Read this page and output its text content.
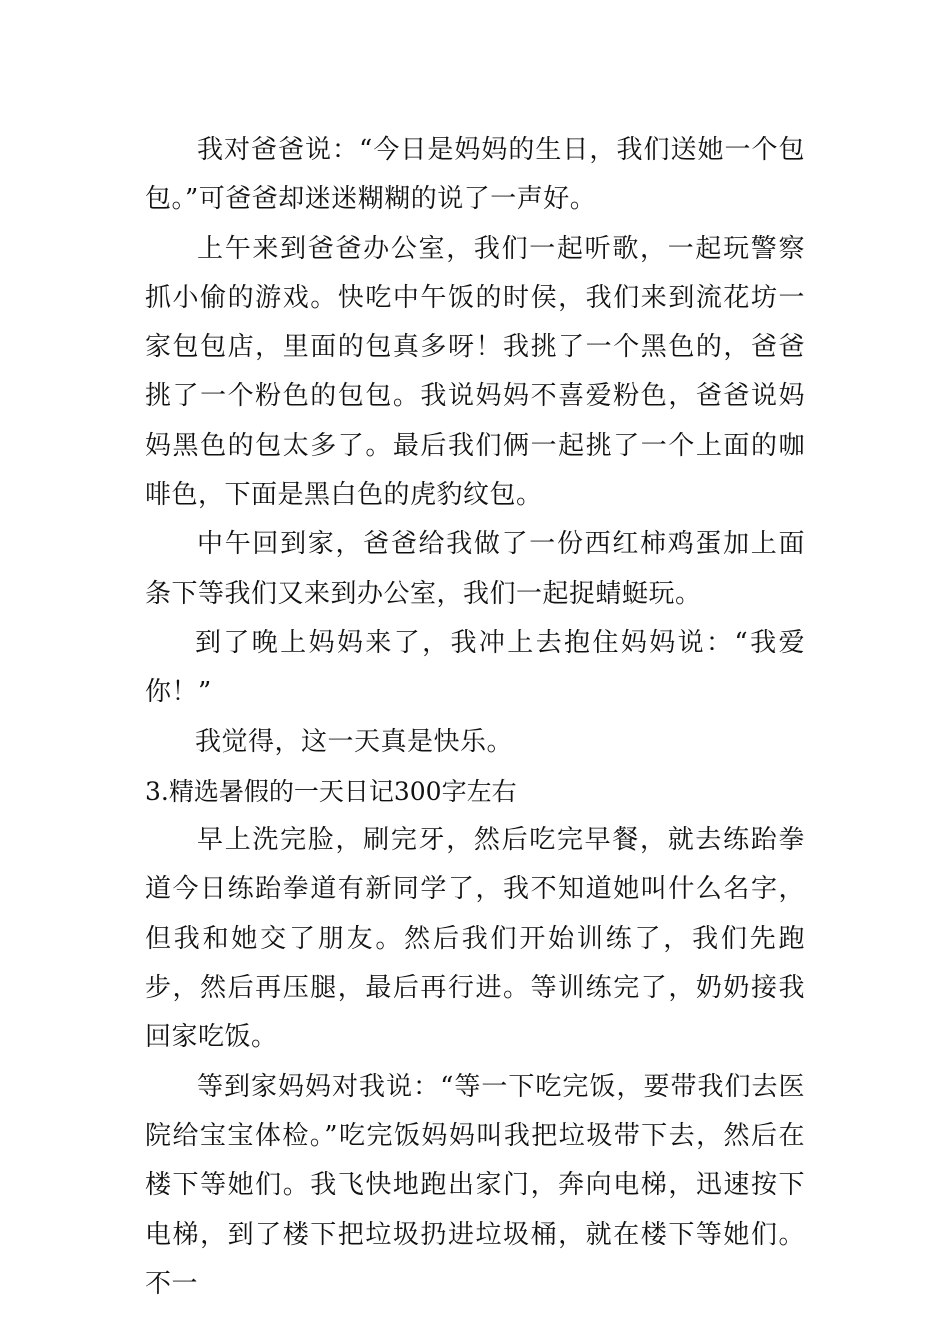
我对爸爸说：“今日是妈妈的生日，我们送她一个包包。”可爸爸却迷迷糊糊的说了一声好。

上午来到爸爸办公室，我们一起听歌，一起玩警察抓小偷的游戏。快吃中午饭的时侯，我们来到流花坊一家包包店，里面的包真多呀！我挑了一个黑色的，爸爸挑了一个粉色的包包。我说妈妈不喜爱粉色，爸爸说妈妈黑色的包太多了。最后我们俩一起挑了一个上面的咖啡色，下面是黑白色的虎豹纹包。

中午回到家，爸爸给我做了一份西红柿鸡蛋加上面条下等我们又来到办公室，我们一起捉蜻蜓玩。

到了晚上妈妈来了，我冲上去抱住妈妈说：“我爱你！”

我觉得，这一天真是快乐。

3.精选暑假的一天日记300字左右

早上洗完脸，刷完牙，然后吃完早餐，就去练跆拳道今日练跆拳道有新同学了，我不知道她叫什么名字，但我和她交了朋友。然后我们开始训练了，我们先跑步，然后再压腿，最后再行进。等训练完了，奶奶接我回家吃饭。

等到家妈妈对我说：“等一下吃完饭，要带我们去医院给宝宝体检。”吃完饭妈妈叫我把垃圾带下去，然后在楼下等她们。我飞快地跑出家门，奔向电梯，迅速按下电梯，到了楼下把垃圾扔进垃圾桶，就在楼下等她们。不一
